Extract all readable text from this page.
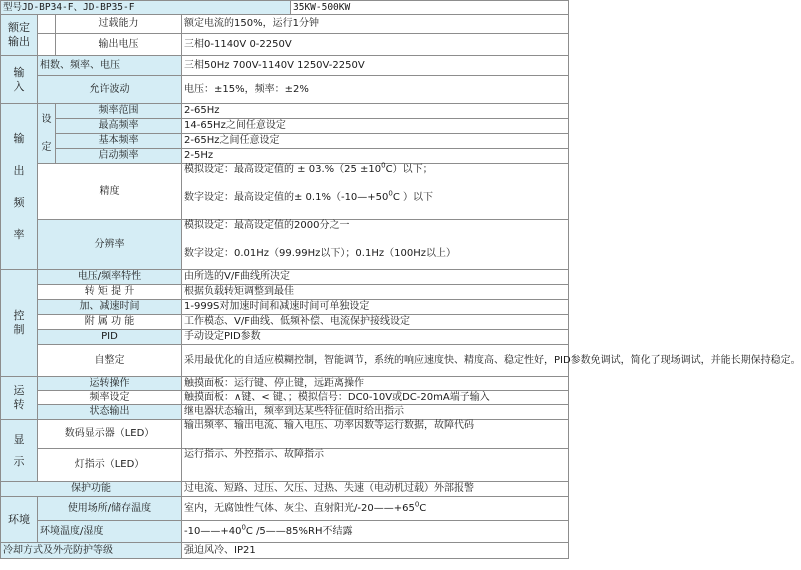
型号JD-BP34-F、JD-BP35-F				35KW-500KW

额定
输出		过载能力	额定电流的150%，运行1分钟	
		输出电压	三相0-1140V 0-2250V	

输
入	相数、频率、电压		三相50Hz 700V-1140V 1250V-2250V	
	允许波动		电压：±15%，频率：±2%	

输
出
频
率	设
定	频率范围	2-65Hz	
		最高频率	14-65Hz之间任意设定	
		基本频率	2-65Hz之间任意设定	
		启动频率	2-5Hz	
	精度		模拟设定：最高设定值的 ± $03.\%(25 \pm 10^0C)$以下；
数字设定：最高设定值的± $0.1\%(-10—+50^0C$ ）以下	

	分辨率		模拟设定：最高设定值的2000分之一
数字设定：0.01Hz（99.99Hz以下）；0.1Hz（100Hz以上）	

控
制	电压/频率特性		由所选的V/F曲线所决定	
	转 矩 提 升		根据负载转矩调整到最佳	
	加、减速时间		1-999S对加速时间和减速时间可单独设定	
	附 属 功 能		工作模态、V/F曲线、低频补偿、电流保护接线设定	
	PID		手动设定PID参数	
	自整定		采用最优化的自适应模糊控制，智能调节，系统的响应速度快、精度高、稳定性好，PID参数免调试，简化了现场调试，并能长期保持稳定。	

运
转	运转操作		触摸面板：运行键、停止键，远距离操作	
	频率设定		触摸面板：∧键、< 键、；模拟信号：DC0-10V或DC-20mA端子输入	
	状态输出		继电器状态输出，频率到达某些特征值时给出指示	

显
示	数码显示器（LED）		输出频率、输出电流、输入电压、功率因数等运行数据，故障代码	
	灯指示（LED）		运行指示、外控指示、故障指示	

保护功能			过电流、短路、过压、欠压、过热、失速（电动机过载）外部报警	
环境	使用场所/储存温度		室内，无腐蚀性气体、灰尘、直射阳光$/-20——+65^0C$	
	环境温度/湿度		$-10——+40^0C$ /5——85%RH不结露	
冷却方式及外壳防护等级			强迫风冷、IP21	
